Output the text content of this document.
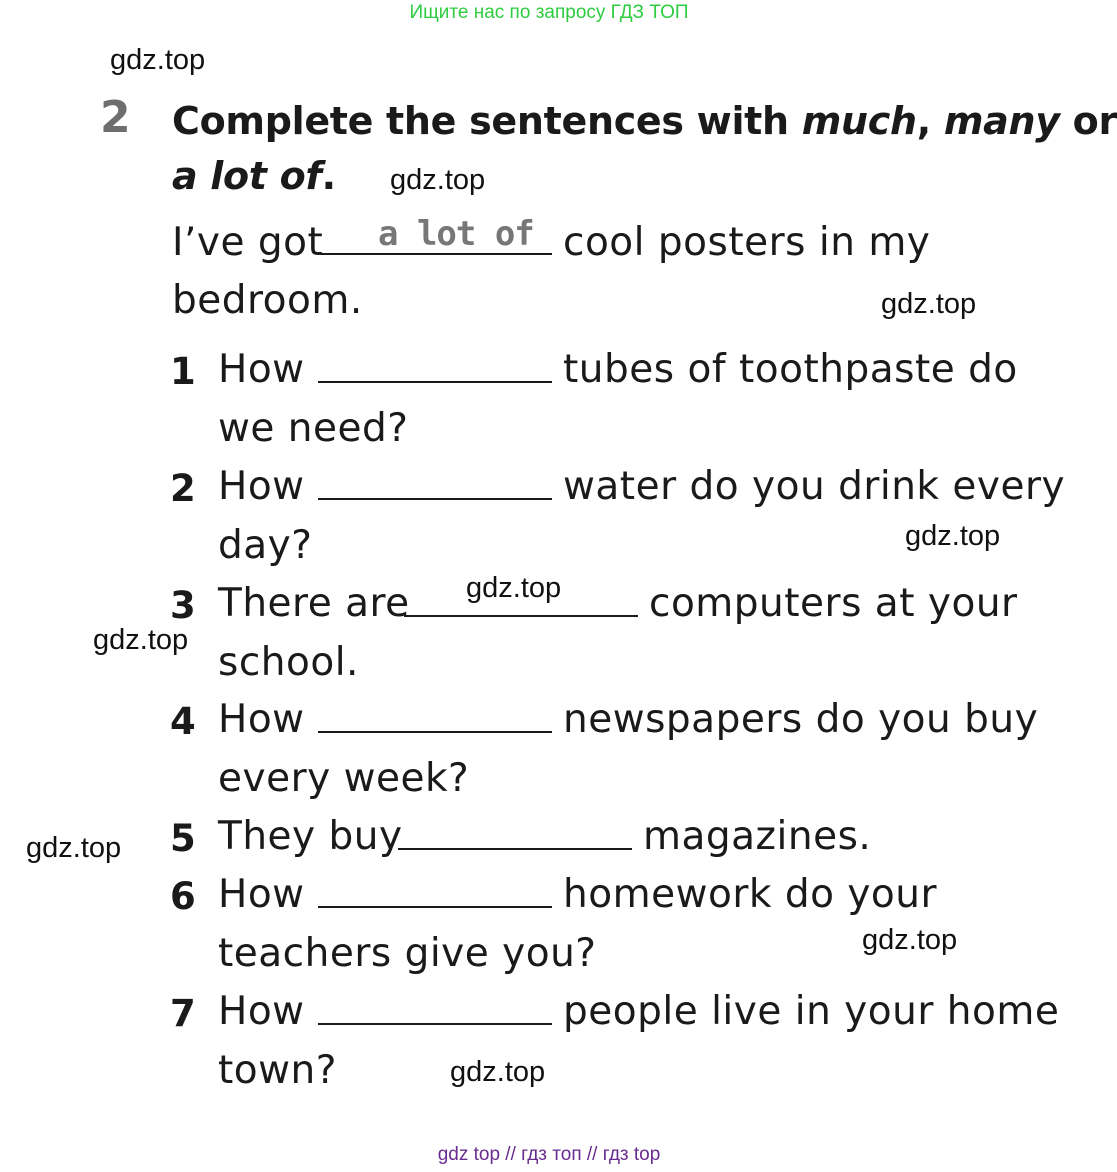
Ищите нас по запросу ГДЗ ТОП
gdz.top
gdz.top
gdz.top
gdz.top
gdz.top
gdz.top
gdz.top
gdz.top
gdz.top
2 Complete the sentences with much, many or
a lot of.
I’ve got a lot of cool posters in my
bedroom.
1 How	tubes of toothpaste do
we need?
2 How	water do you drink every
day?
3 There are	computers at your
school.
4 How	newspapers do you buy
every week?
5 They buy	magazines.
6 How	homework do your
teachers give you?
7 How	people live in your home
town?
gdz top // гдз топ // гдз top
